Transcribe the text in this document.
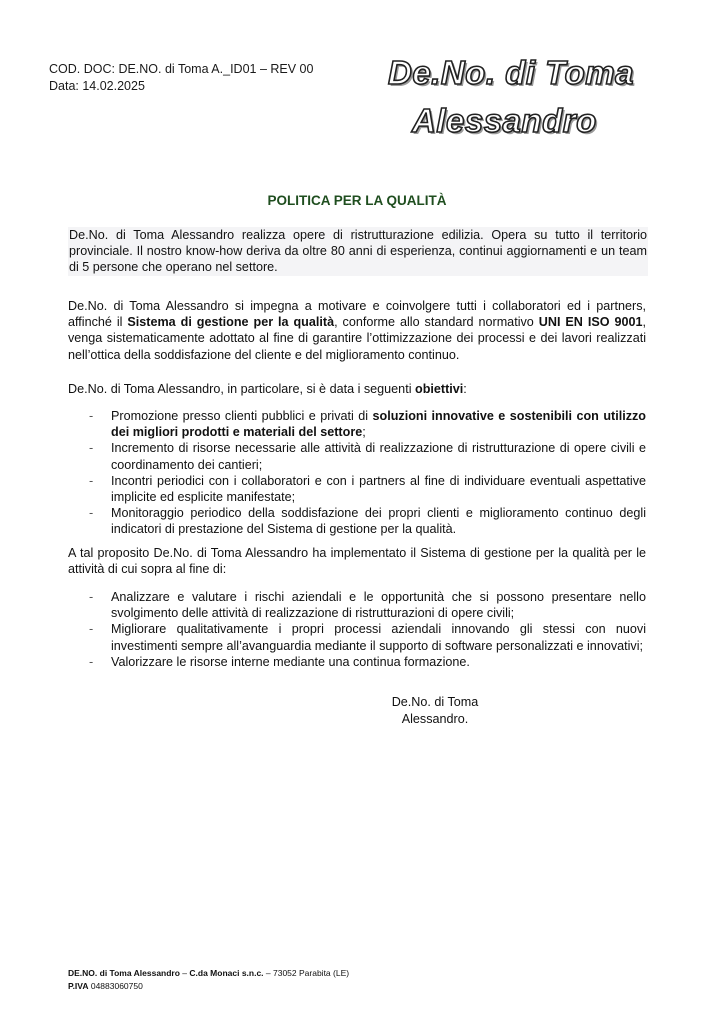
COD. DOC: DE.NO. di Toma A._ID01 – REV 00
Data: 14.02.2025	De.No. di Toma
Alessandro
POLITICA PER LA QUALITÀ

De.No. di Toma Alessandro realizza opere di ristrutturazione edilizia. Opera su tutto il territorio provinciale. Il nostro know-how deriva da oltre 80 anni di esperienza, continui aggiornamenti e un team di 5 persone che operano nel settore.

De.No. di Toma Alessandro si impegna a motivare e coinvolgere tutti i collaboratori ed i partners, affinché il Sistema di gestione per la qualità, conforme allo standard normativo UNI EN ISO 9001, venga sistematicamente adottato al fine di garantire l’ottimizzazione dei processi e dei lavori realizzati nell’ottica della soddisfazione del cliente e del miglioramento continuo.

De.No. di Toma Alessandro, in particolare, si è data i seguenti obiettivi:

- Promozione presso clienti pubblici e privati di soluzioni innovative e sostenibili con utilizzo dei migliori prodotti e materiali del settore;
- Incremento di risorse necessarie alle attività di realizzazione di ristrutturazione di opere civili e coordinamento dei cantieri;
- Incontri periodici con i collaboratori e con i partners al fine di individuare eventuali aspettative implicite ed esplicite manifestate;
- Monitoraggio periodico della soddisfazione dei propri clienti e miglioramento continuo degli indicatori di prestazione del Sistema di gestione per la qualità.

A tal proposito De.No. di Toma Alessandro ha implementato il Sistema di gestione per la qualità per le attività di cui sopra al fine di:

- Analizzare e valutare i rischi aziendali e le opportunità che si possono presentare nello svolgimento delle attività di realizzazione di ristrutturazioni di opere civili;
- Migliorare qualitativamente i propri processi aziendali innovando gli stessi con nuovi investimenti sempre all’avanguardia mediante il supporto di software personalizzati e innovativi;
- Valorizzare le risorse interne mediante una continua formazione.
De.No. di Toma
Alessandro.
DE.NO. di Toma Alessandro – C.da Monaci s.n.c. – 73052 Parabita (LE)
P.IVA 04883060750
